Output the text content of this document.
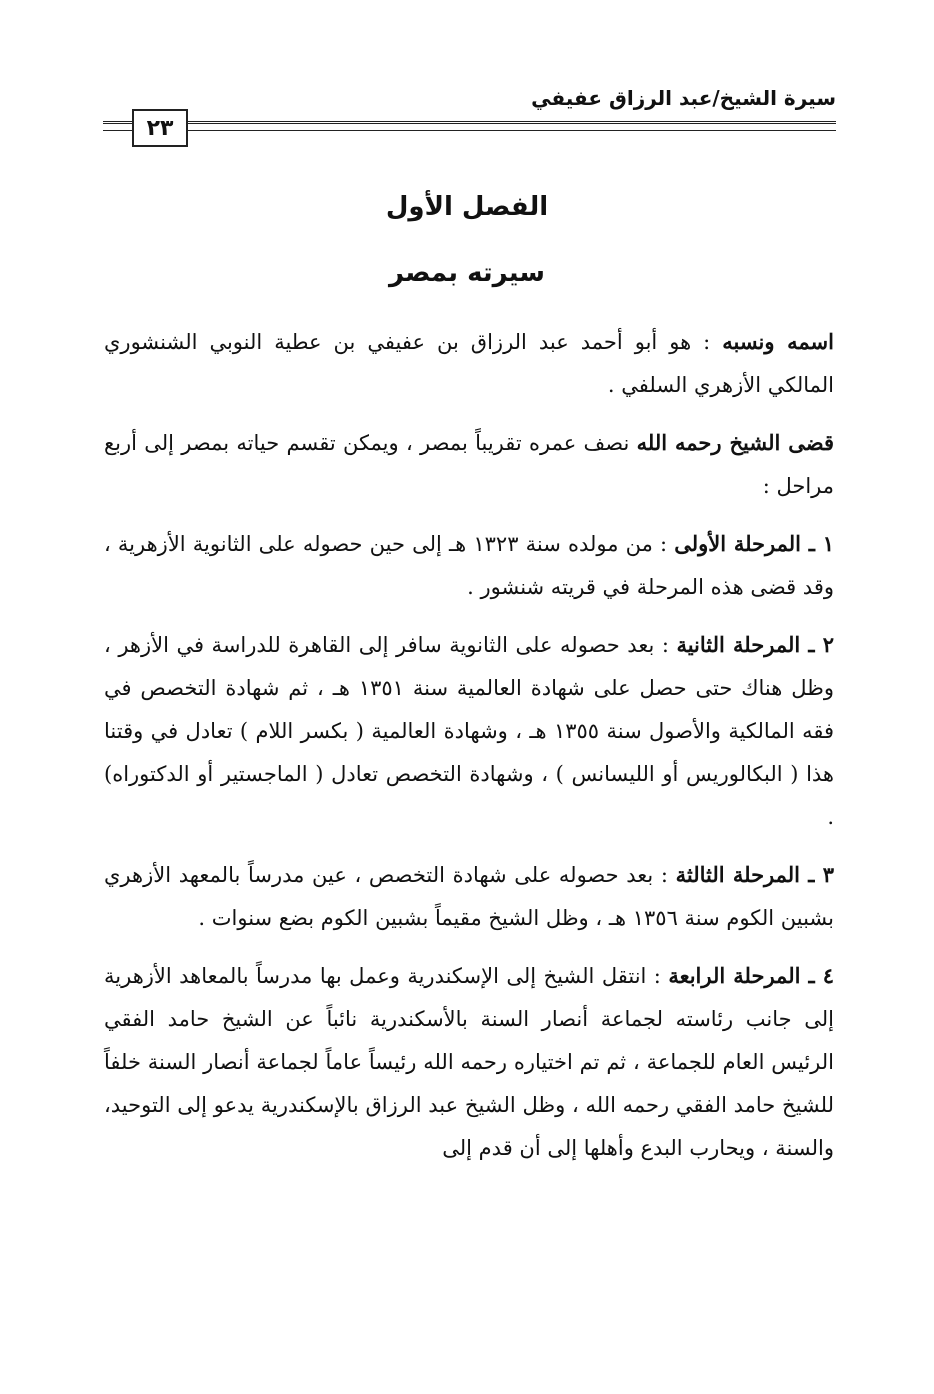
سيرة الشيخ/عبد الرزاق عفيفي
٢٣
الفصل الأول
سيرته بمصر

اسمه ونسبه : هو أبو أحمد عبد الرزاق بن عفيفي بن عطية النوبي الشنشوري المالكي الأزهري السلفي .

قضى الشيخ رحمه الله نصف عمره تقريباً بمصر ، ويمكن تقسم حياته بمصر إلى أربع مراحل :

١ ـ المرحلة الأولى : من مولده سنة ١٣٢٣ هـ إلى حين حصوله على الثانوية الأزهرية ، وقد قضى هذه المرحلة في قريته شنشور .

٢ ـ المرحلة الثانية : بعد حصوله على الثانوية سافر إلى القاهرة للدراسة في الأزهر ، وظل هناك حتى حصل على شهادة العالمية سنة ١٣٥١ هـ ، ثم شهادة التخصص في فقه المالكية والأصول سنة ١٣٥٥ هـ ، وشهادة العالمية ( بكسر اللام ) تعادل في وقتنا هذا ( البكالوريس أو الليسانس ) ، وشهادة التخصص تعادل ( الماجستير أو الدكتوراه) .

٣ ـ المرحلة الثالثة : بعد حصوله على شهادة التخصص ، عين مدرساً بالمعهد الأزهري بشبين الكوم سنة ١٣٥٦ هـ ، وظل الشيخ مقيماً بشبين الكوم بضع سنوات .

٤ ـ المرحلة الرابعة : انتقل الشيخ إلى الإسكندرية وعمل بها مدرساً بالمعاهد الأزهرية إلى جانب رئاسته لجماعة أنصار السنة بالأسكندرية نائباً عن الشيخ حامد الفقي الرئيس العام للجماعة ، ثم تم اختياره رحمه الله رئيساً عاماً لجماعة أنصار السنة خلفاً للشيخ حامد الفقي رحمه الله ، وظل الشيخ عبد الرزاق بالإسكندرية يدعو إلى التوحيد، والسنة ، ويحارب البدع وأهلها إلى أن قدم إلى
